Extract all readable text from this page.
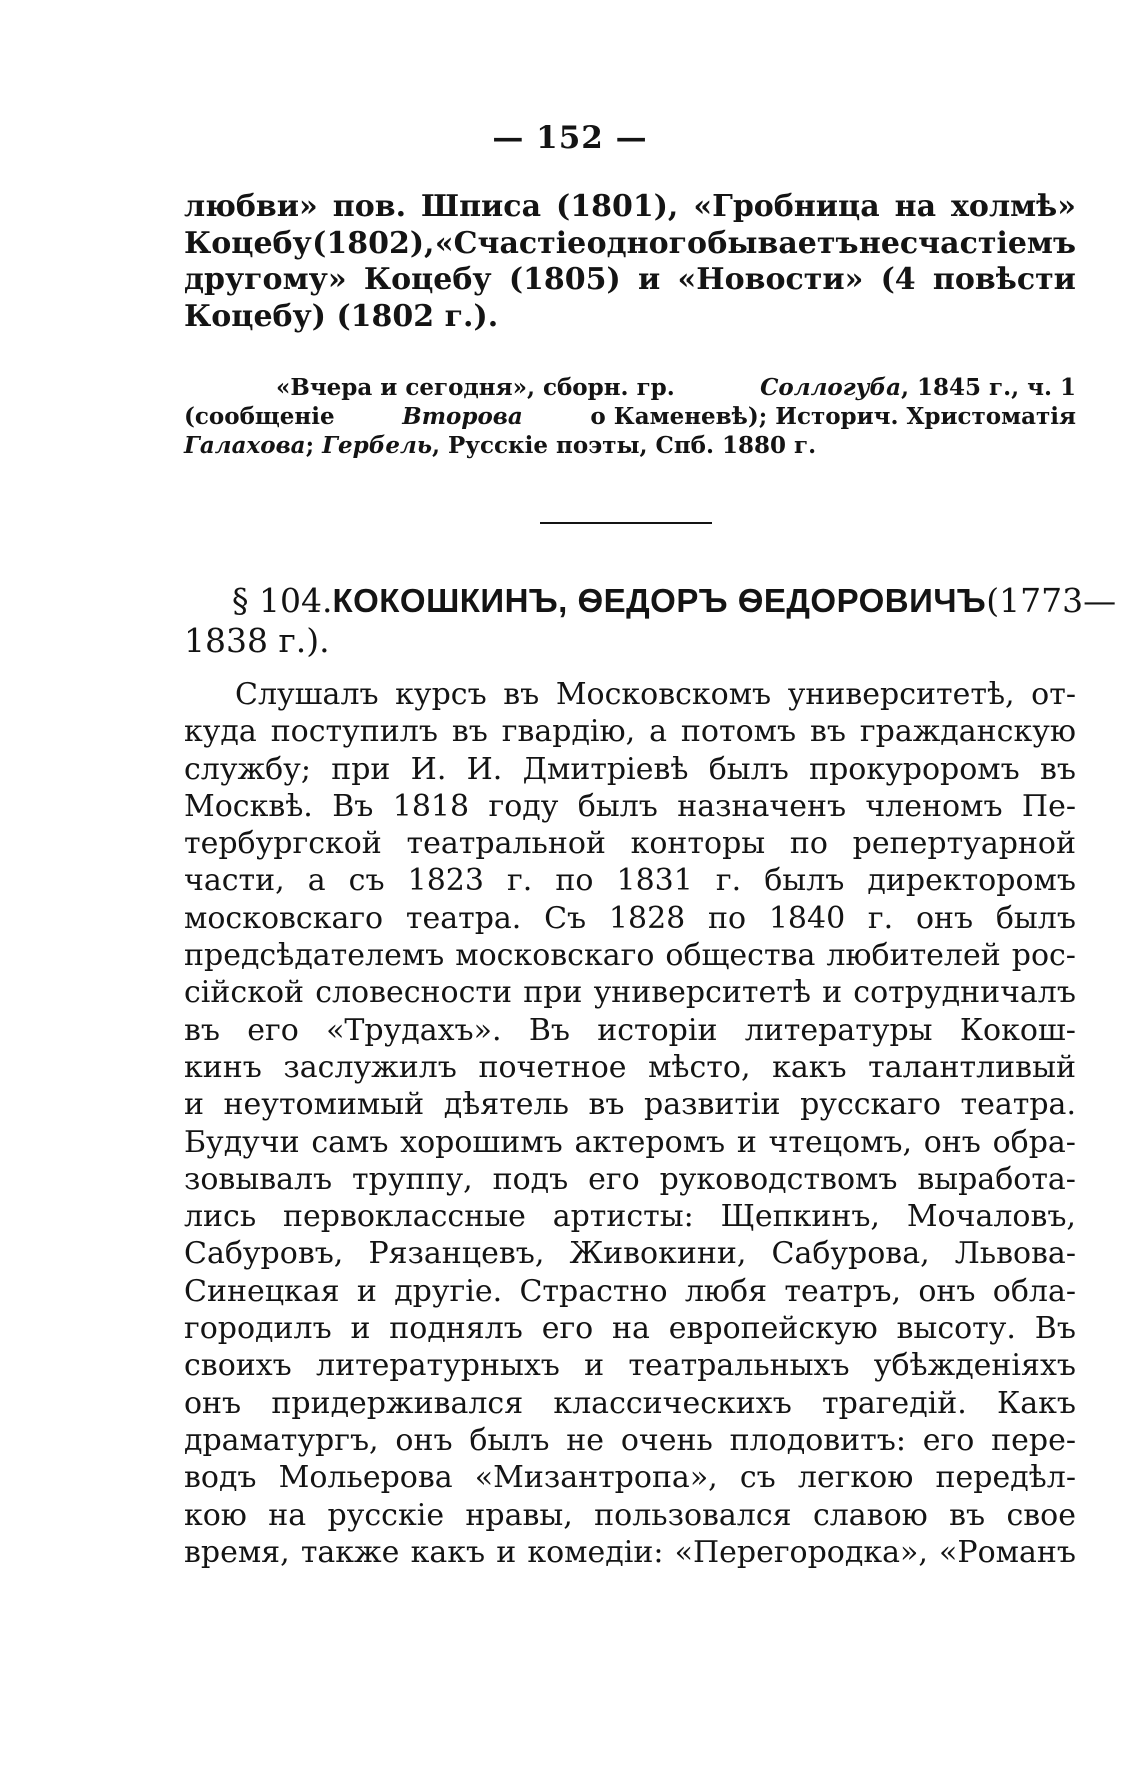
— 152 —
любви» пов. Шписа (1801), «Гробница на холмѣ»
Коцебу (1802), «Счастіе одного бываетъ несчастіемъ
другому» Коцебу (1805) и «Новости» (4 повѣсти
Коцебу) (1802 г.).
«Вчера и сегодня», сборн. гр.	Соллогуба, 1845 г., ч. 1
(сообщеніе	Второва	о Каменевѣ); Историч. Христоматія
Галахова; Гербель, Русскіе поэты, Спб. 1880 г.
§ 104. КОКОШКИНЪ, ѲЕДОРЪ ѲЕДОРОВИЧЪ (1773—
1838 г.).
Слушалъ курсъ въ Московскомъ университетѣ, от-
куда поступилъ въ гвардію, а потомъ въ гражданскую
службу; при И. И. Дмитріевѣ былъ прокуроромъ въ
Москвѣ. Въ 1818 году былъ назначенъ членомъ Пе-
тербургской театральной конторы по репертуарной
части, а съ 1823 г. по 1831 г. былъ директоромъ
московскаго театра. Съ 1828 по 1840 г. онъ былъ
предсѣдателемъ московскаго общества любителей рос-
сійской словесности при университетѣ и сотрудничалъ
въ его «Трудахъ». Въ исторіи литературы Кокош-
кинъ заслужилъ почетное мѣсто, какъ талантливый
и неутомимый дѣятель въ развитіи русскаго театра.
Будучи самъ хорошимъ актеромъ и чтецомъ, онъ обра-
зовывалъ труппу, подъ его руководствомъ выработа-
лись первоклассные артисты: Щепкинъ, Мочаловъ,
Сабуровъ, Рязанцевъ, Живокини, Сабурова, Львова-
Синецкая и другіе. Страстно любя театръ, онъ обла-
городилъ и поднялъ его на европейскую высоту. Въ
своихъ литературныхъ и театральныхъ убѣжденіяхъ
онъ придерживался классическихъ трагедій. Какъ
драматургъ, онъ былъ не очень плодовитъ: его пере-
водъ Мольерова «Мизантропа», съ легкою передѣл-
кою на русскіе нравы, пользовался славою въ свое
время, также какъ и комедіи: «Перегородка», «Романъ
